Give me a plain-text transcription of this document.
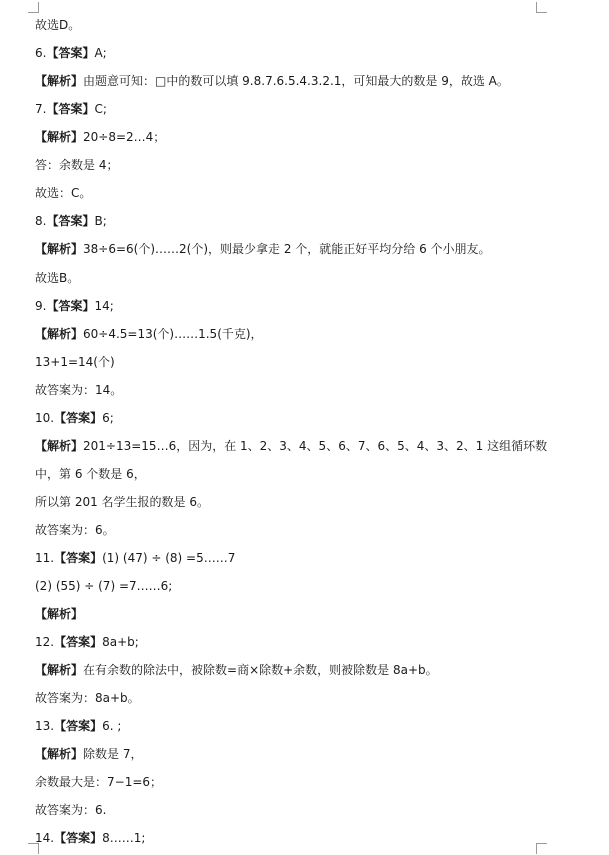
故选D。
6.【答案】A;
【解析】由题意可知：□中的数可以填 9.8.7.6.5.4.3.2.1，可知最大的数是 9，故选 A。
7.【答案】C;
【解析】20÷8=2…4；
答：余数是 4；
故选：C。
8.【答案】B;
【解析】38÷6=6(个)……2(个)，则最少拿走 2 个，就能正好平均分给 6 个小朋友。
故选B。
9.【答案】14;
【解析】60÷4.5=13(个)……1.5(千克)，
13+1=14(个)
故答案为：14。
10.【答案】6;
【解析】201÷13=15…6，因为，在 1、2、3、4、5、6、7、6、5、4、3、2、1 这组循环数
中，第 6 个数是 6，
所以第 201 名学生报的数是 6。
故答案为：6。
11.【答案】(1) (47) ÷ (8) =5……7
(2) (55) ÷ (7) =7……6;
【解析】
12.【答案】8a+b;
【解析】在有余数的除法中，被除数=商×除数+余数，则被除数是 8a+b。
故答案为：8a+b。
13.【答案】6. ;
【解析】除数是 7，
余数最大是：7−1=6；
故答案为：6.
14.【答案】8……1;
